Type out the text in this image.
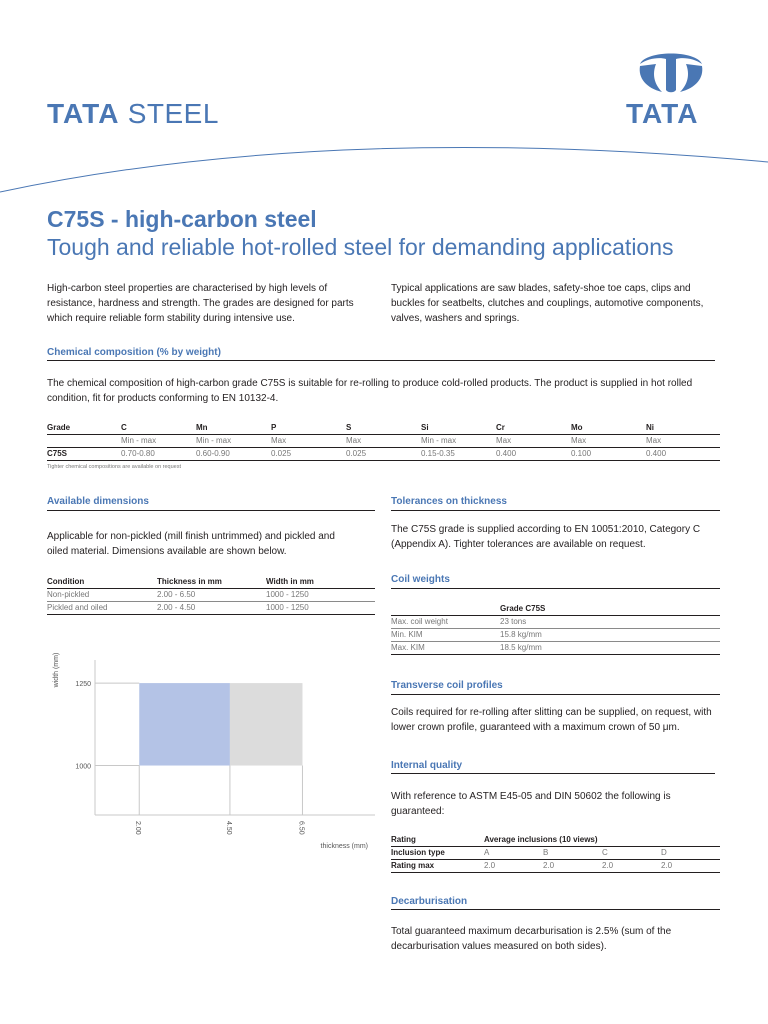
TATA STEEL	TATA
C75S - high-carbon steel
Tough and reliable hot-rolled steel for demanding applications
High-carbon steel properties are characterised by high levels of resistance, hardness and strength. The grades are designed for parts which require reliable form stability during intensive use.
Typical applications are saw blades, safety-shoe toe caps, clips and buckles for seatbelts, clutches and couplings, automotive components, valves, washers and springs.
Chemical composition (% by weight)
The chemical composition of high-carbon grade C75S is suitable for re-rolling to produce cold-rolled products. The product is supplied in hot rolled condition, fit for products conforming to EN 10132-4.
Grade	C	Mn	P	S	Si	Cr	Mo	Ni
	Min - max	Min - max	Max	Max	Min - max	Max	Max	Max
C75S	0.70-0.80	0.60-0.90	0.025	0.025	0.15-0.35	0.400	0.100	0.400
Tighter chemical compositions are available on request
Available dimensions
Applicable for non-pickled (mill finish untrimmed) and pickled and oiled material. Dimensions available are shown below.
Condition	Thickness in mm	Width in mm
Non-pickled	2.00 - 6.50	1000 - 1250
Pickled and oiled	2.00 - 4.50	1000 - 1250
2.00	4.50	6.50
1000
1250
width (mm)
thickness (mm)
Tolerances on thickness
The C75S grade is supplied according to EN 10051:2010, Category C (Appendix A). Tighter tolerances are available on request.
Coil weights
	Grade C75S
Max. coil weight	23 tons
Min. KIM	15.8 kg/mm
Max. KIM	18.5 kg/mm
Transverse coil profiles
Coils required for re-rolling after slitting can be supplied, on request, with lower crown profile, guaranteed with a maximum crown of 50 μm.
Internal quality
With reference to ASTM E45-05 and DIN 50602 the following is guaranteed:
Rating	Average inclusions (10 views)			
Inclusion type	A	B	C	D
Rating max	2.0	2.0	2.0	2.0
Decarburisation
Total guaranteed maximum decarburisation is 2.5% (sum of the decarburisation values measured on both sides).
